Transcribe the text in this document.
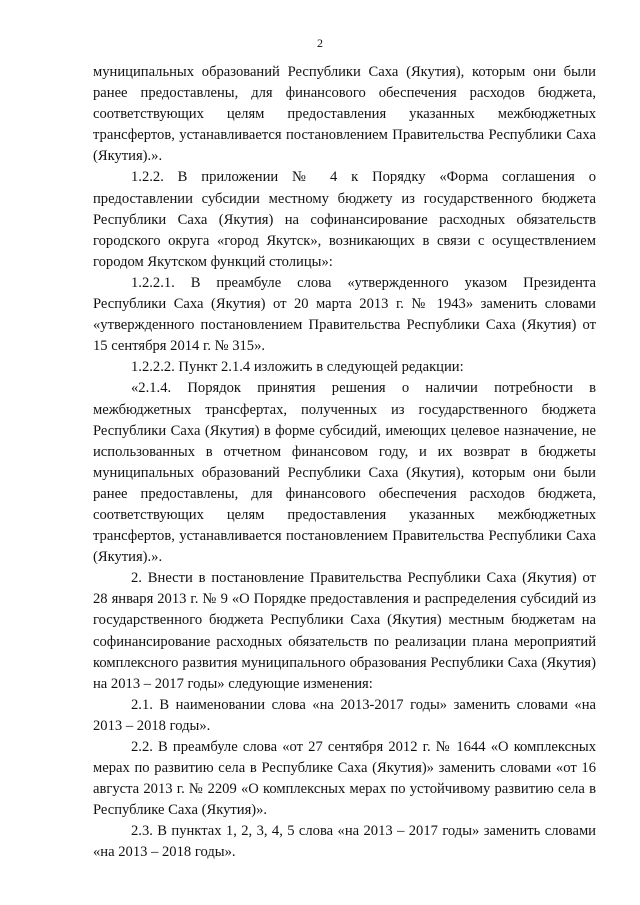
2

муниципальных образований Республики Саха (Якутия), которым они были ранее предоставлены, для финансового обеспечения расходов бюджета, соответствующих целям предоставления указанных межбюджетных трансфертов, устанавливается постановлением Правительства Республики Саха (Якутия).».

1.2.2. В приложении № 4 к Порядку «Форма соглашения о предоставлении субсидии местному бюджету из государственного бюджета Республики Саха (Якутия) на софинансирование расходных обязательств городского округа «город Якутск», возникающих в связи с осуществлением городом Якутском функций столицы»:

1.2.2.1. В преамбуле слова «утвержденного указом Президента Республики Саха (Якутия) от 20 марта 2013 г. № 1943» заменить словами «утвержденного постановлением Правительства Республики Саха (Якутия) от 15 сентября 2014 г. № 315».

1.2.2.2. Пункт 2.1.4 изложить в следующей редакции:

«2.1.4. Порядок принятия решения о наличии потребности в межбюджетных трансфертах, полученных из государственного бюджета Республики Саха (Якутия) в форме субсидий, имеющих целевое назначение, не использованных в отчетном финансовом году, и их возврат в бюджеты муниципальных образований Республики Саха (Якутия), которым они были ранее предоставлены, для финансового обеспечения расходов бюджета, соответствующих целям предоставления указанных межбюджетных трансфертов, устанавливается постановлением Правительства Республики Саха (Якутия).».

2. Внести в постановление Правительства Республики Саха (Якутия) от 28 января 2013 г. № 9 «О Порядке предоставления и распределения субсидий из государственного бюджета Республики Саха (Якутия) местным бюджетам на софинансирование расходных обязательств по реализации плана мероприятий комплексного развития муниципального образования Республики Саха (Якутия) на 2013 – 2017 годы» следующие изменения:

2.1. В наименовании слова «на 2013-2017 годы» заменить словами «на 2013 – 2018 годы».

2.2. В преамбуле слова «от 27 сентября 2012 г. № 1644 «О комплексных мерах по развитию села в Республике Саха (Якутия)» заменить словами «от 16 августа 2013 г. № 2209 «О комплексных мерах по устойчивому развитию села в Республике Саха (Якутия)».

2.3. В пунктах 1, 2, 3, 4, 5 слова «на 2013 – 2017 годы» заменить словами «на 2013 – 2018 годы».
